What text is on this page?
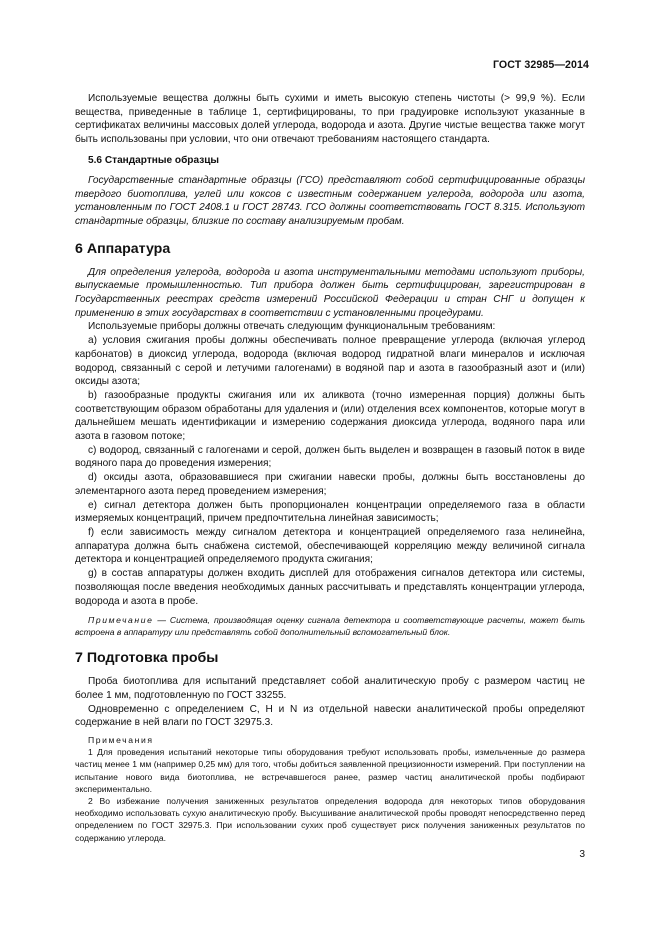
ГОСТ 32985—2014

Используемые вещества должны быть сухими и иметь высокую степень чистоты (> 99,9 %). Если вещества, приведенные в таблице 1, сертифицированы, то при градуировке используют указанные в сертификатах величины массовых долей углерода, водорода и азота. Другие чистые вещества также могут быть использованы при условии, что они отвечают требованиям настоящего стандарта.

5.6 Стандартные образцы

Государственные стандартные образцы (ГСО) представляют собой сертифицированные образцы твердого биотоплива, углей или коксов с известным содержанием углерода, водорода или азота, установленным по ГОСТ 2408.1 и ГОСТ 28743. ГСО должны соответствовать ГОСТ 8.315. Используют стандартные образцы, близкие по составу анализируемым пробам.

6 Аппаратура

Для определения углерода, водорода и азота инструментальными методами используют приборы, выпускаемые промышленностью. Тип прибора должен быть сертифицирован, зарегистрирован в Государственных реестрах средств измерений Российской Федерации и стран СНГ и допущен к применению в этих государствах в соответствии с установленными процедурами.

Используемые приборы должны отвечать следующим функциональным требованиям:

а) условия сжигания пробы должны обеспечивать полное превращение углерода (включая углерод карбонатов) в диоксид углерода, водорода (включая водород гидратной влаги минералов и исключая водород, связанный с серой и летучими галогенами) в водяной пар и азота в газообразный азот и (или) оксиды азота;

b) газообразные продукты сжигания или их аликвота (точно измеренная порция) должны быть соответствующим образом обработаны для удаления и (или) отделения всех компонентов, которые могут в дальнейшем мешать идентификации и измерению содержания диоксида углерода, водяного пара или азота в газовом потоке;

c) водород, связанный с галогенами и серой, должен быть выделен и возвращен в газовый поток в виде водяного пара до проведения измерения;

d) оксиды азота, образовавшиеся при сжигании навески пробы, должны быть восстановлены до элементарного азота перед проведением измерения;

e) сигнал детектора должен быть пропорционален концентрации определяемого газа в области измеряемых концентраций, причем предпочтительна линейная зависимость;

f) если зависимость между сигналом детектора и концентрацией определяемого газа нелинейна, аппаратура должна быть снабжена системой, обеспечивающей корреляцию между величиной сигнала детектора и концентрацией определяемого продукта сжигания;

g) в состав аппаратуры должен входить дисплей для отображения сигналов детектора или системы, позволяющая после введения необходимых данных рассчитывать и представлять концентрации углерода, водорода и азота в пробе.

Примечание — Система, производящая оценку сигнала детектора и соответствующие расчеты, может быть встроена в аппаратуру или представлять собой дополнительный вспомогательный блок.

7 Подготовка пробы

Проба биотоплива для испытаний представляет собой аналитическую пробу с размером частиц не более 1 мм, подготовленную по ГОСТ 33255.

Одновременно с определением С, Н и N из отдельной навески аналитической пробы определяют содержание в ней влаги по ГОСТ 32975.3.

Примечания

1 Для проведения испытаний некоторые типы оборудования требуют использовать пробы, измельченные до размера частиц менее 1 мм (например 0,25 мм) для того, чтобы добиться заявленной прецизионности измерений. При поступлении на испытание нового вида биотоплива, не встречавшегося ранее, размер частиц аналитической пробы подбирают экспериментально.

2 Во избежание получения заниженных результатов определения водорода для некоторых типов оборудования необходимо использовать сухую аналитическую пробу. Высушивание аналитической пробы проводят непосредственно перед определением по ГОСТ 32975.3. При использовании сухих проб существует риск получения заниженных результатов по содержанию углерода.

3
